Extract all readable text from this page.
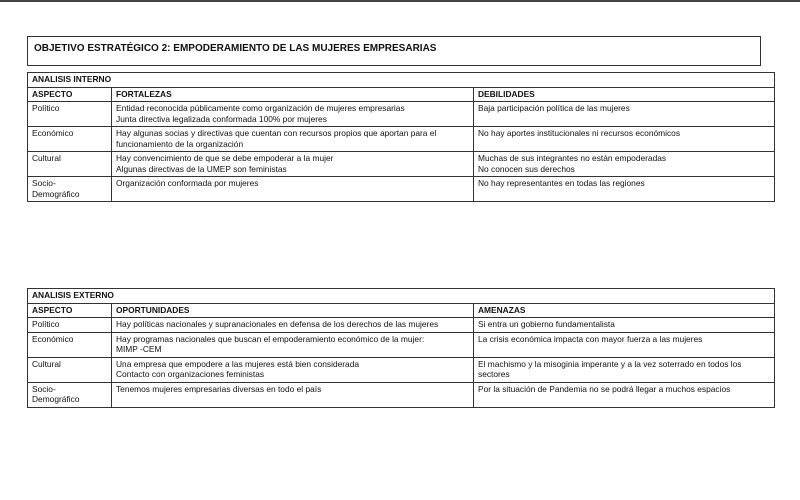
OBJETIVO ESTRATÉGICO 2: EMPODERAMIENTO DE LAS MUJERES EMPRESARIAS
ANALISIS INTERNO		
ASPECTO	FORTALEZAS	DEBILIDADES

Político	Entidad reconocida públicamente como organización de mujeres empresarias
Junta directiva legalizada conformada 100% por mujeres	Baja participación política de las mujeres

Económico	Hay algunas socias y directivas que cuentan con recursos propios que aportan para el
funcionamiento de la organización	No hay aportes institucionales ni recursos económicos

Cultural	Hay convencimiento de que se debe empoderar a la mujer
Algunas directivas de la UMEP son feministas	Muchas de sus integrantes no están empoderadas
No conocen sus derechos

Socio-
Demográfico	Organización conformada por mujeres	No hay representantes en todas las regiones
ANALISIS EXTERNO		
ASPECTO	OPORTUNIDADES	AMENAZAS

Político	Hay políticas nacionales y supranacionales en defensa de los derechos de las mujeres	Si entra un gobierno fundamentalista

Económico	Hay programas nacionales que buscan el empoderamiento económico de la mujer:
MIMP -CEM	La crisis económica impacta con mayor fuerza a las mujeres

Cultural	Una empresa que empodere a las mujeres está bien considerada
Contacto con organizaciones feministas	El machismo y la misoginia imperante y a la vez soterrado en todos los
sectores

Socio-
Demográfico	Tenemos mujeres empresarias diversas en todo el país	Por la situación de Pandemia no se podrá llegar a muchos espacios
